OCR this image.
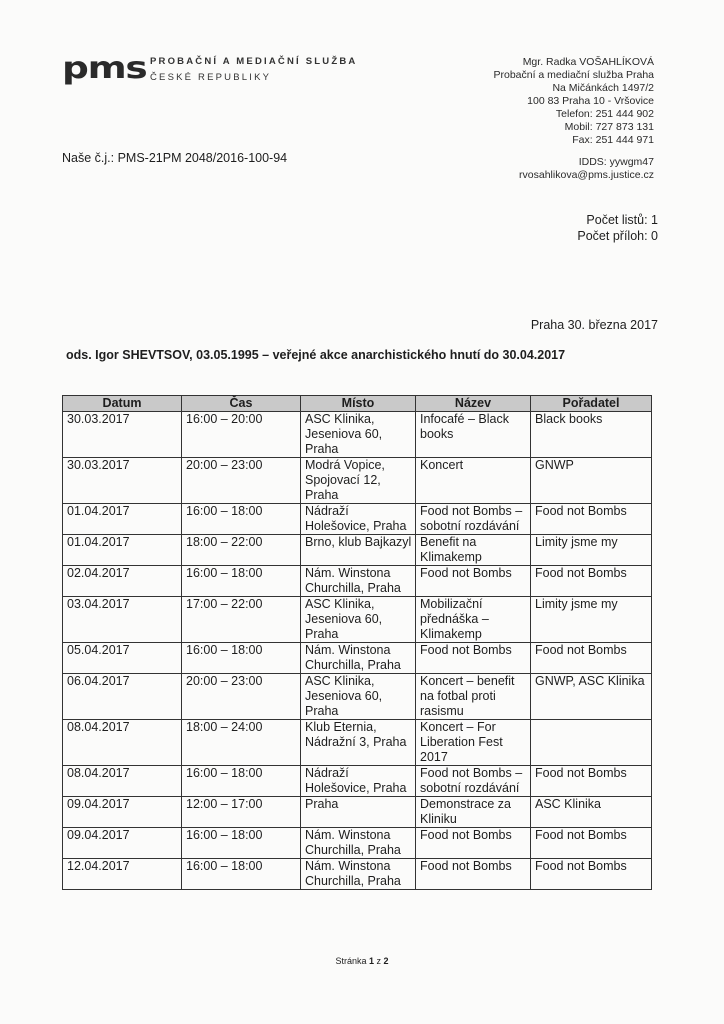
pms PROBAČNÍ A MEDIAČNÍ SLUŽBA
ČESKÉ REPUBLIKY
Mgr. Radka VOŠAHLÍKOVÁ
Probační a mediační služba Praha
Na Mičánkách 1497/2
100 83 Praha 10 - Vršovice
Telefon: 251 444 902
Mobil: 727 873 131
Fax: 251 444 971
IDDS: yywgm47
rvosahlikova@pms.justice.cz
Naše č.j.: PMS-21PM 2048/2016-100-94
Počet listů: 1
Počet příloh: 0
Praha 30. března 2017
ods. Igor SHEVTSOV, 03.05.1995 – veřejné akce anarchistického hnutí do 30.04.2017
Datum	Čas	Místo	Název	Pořadatel
30.03.2017	16:00 – 20:00	ASC Klinika, Jeseniova 60, Praha	Infocafé – Black books	Black books
30.03.2017	20:00 – 23:00	Modrá Vopice, Spojovací 12, Praha	Koncert	GNWP
01.04.2017	16:00 – 18:00	Nádraží Holešovice, Praha	Food not Bombs – sobotní rozdávání	Food not Bombs
01.04.2017	18:00 – 22:00	Brno, klub Bajkazyl	Benefit na Klimakemp	Limity jsme my
02.04.2017	16:00 – 18:00	Nám. Winstona Churchilla, Praha	Food not Bombs	Food not Bombs
03.04.2017	17:00 – 22:00	ASC Klinika, Jeseniova 60, Praha	Mobilizační přednáška – Klimakemp	Limity jsme my
05.04.2017	16:00 – 18:00	Nám. Winstona Churchilla, Praha	Food not Bombs	Food not Bombs
06.04.2017	20:00 – 23:00	ASC Klinika, Jeseniova 60, Praha	Koncert – benefit na fotbal proti rasismu	GNWP, ASC Klinika
08.04.2017	18:00 – 24:00	Klub Eternia, Nádražní 3, Praha	Koncert – For Liberation Fest 2017	
08.04.2017	16:00 – 18:00	Nádraží Holešovice, Praha	Food not Bombs – sobotní rozdávání	Food not Bombs
09.04.2017	12:00 – 17:00	Praha	Demonstrace za Kliniku	ASC Klinika
09.04.2017	16:00 – 18:00	Nám. Winstona Churchilla, Praha	Food not Bombs	Food not Bombs
12.04.2017	16:00 – 18:00	Nám. Winstona Churchilla, Praha	Food not Bombs	Food not Bombs
Stránka 1 z 2
